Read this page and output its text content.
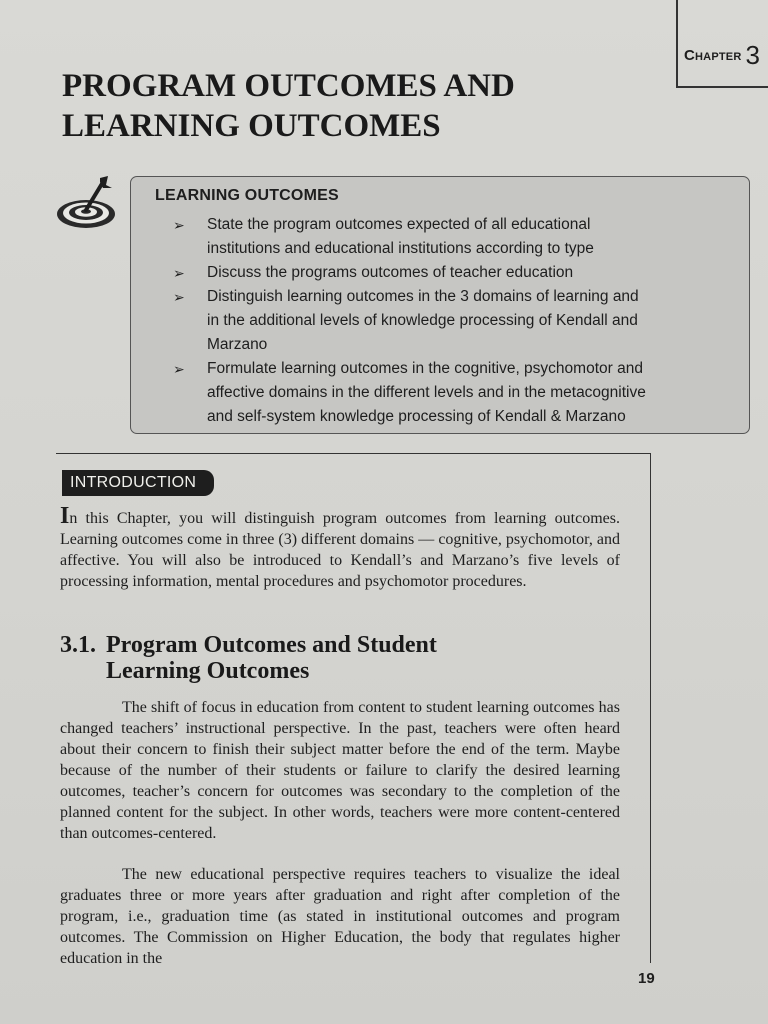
Chapter 3
PROGRAM OUTCOMES AND
LEARNING OUTCOMES
LEARNING OUTCOMES
➢ State the program outcomes expected of all educational
institutions and educational institutions according to type
➢ Discuss the programs outcomes of teacher education
➢ Distinguish learning outcomes in the 3 domains of learning and
in the additional levels of knowledge processing of Kendall and
Marzano
➢ Formulate learning outcomes in the cognitive, psychomotor and
affective domains in the different levels and in the metacognitive
and self-system knowledge processing of Kendall & Marzano
INTRODUCTION

In this Chapter, you will distinguish program outcomes from learning outcomes. Learning outcomes come in three (3) different domains — cognitive, psychomotor, and affective. You will also be introduced to Kendall’s and Marzano’s five levels of processing information, mental procedures and psychomotor procedures.

3.1. Program Outcomes and Student
Learning Outcomes

The shift of focus in education from content to student learning outcomes has changed teachers’ instructional perspective. In the past, teachers were often heard about their concern to finish their subject matter before the end of the term. Maybe because of the number of their students or failure to clarify the desired learning outcomes, teacher’s concern for outcomes was secondary to the completion of the planned content for the subject. In other words, teachers were more content-centered than outcomes-centered.

The new educational perspective requires teachers to visualize the ideal graduates three or more years after graduation and right after completion of the program, i.e., graduation time (as stated in institutional outcomes and program outcomes. The Commission on Higher Education, the body that regulates higher education in the

19
